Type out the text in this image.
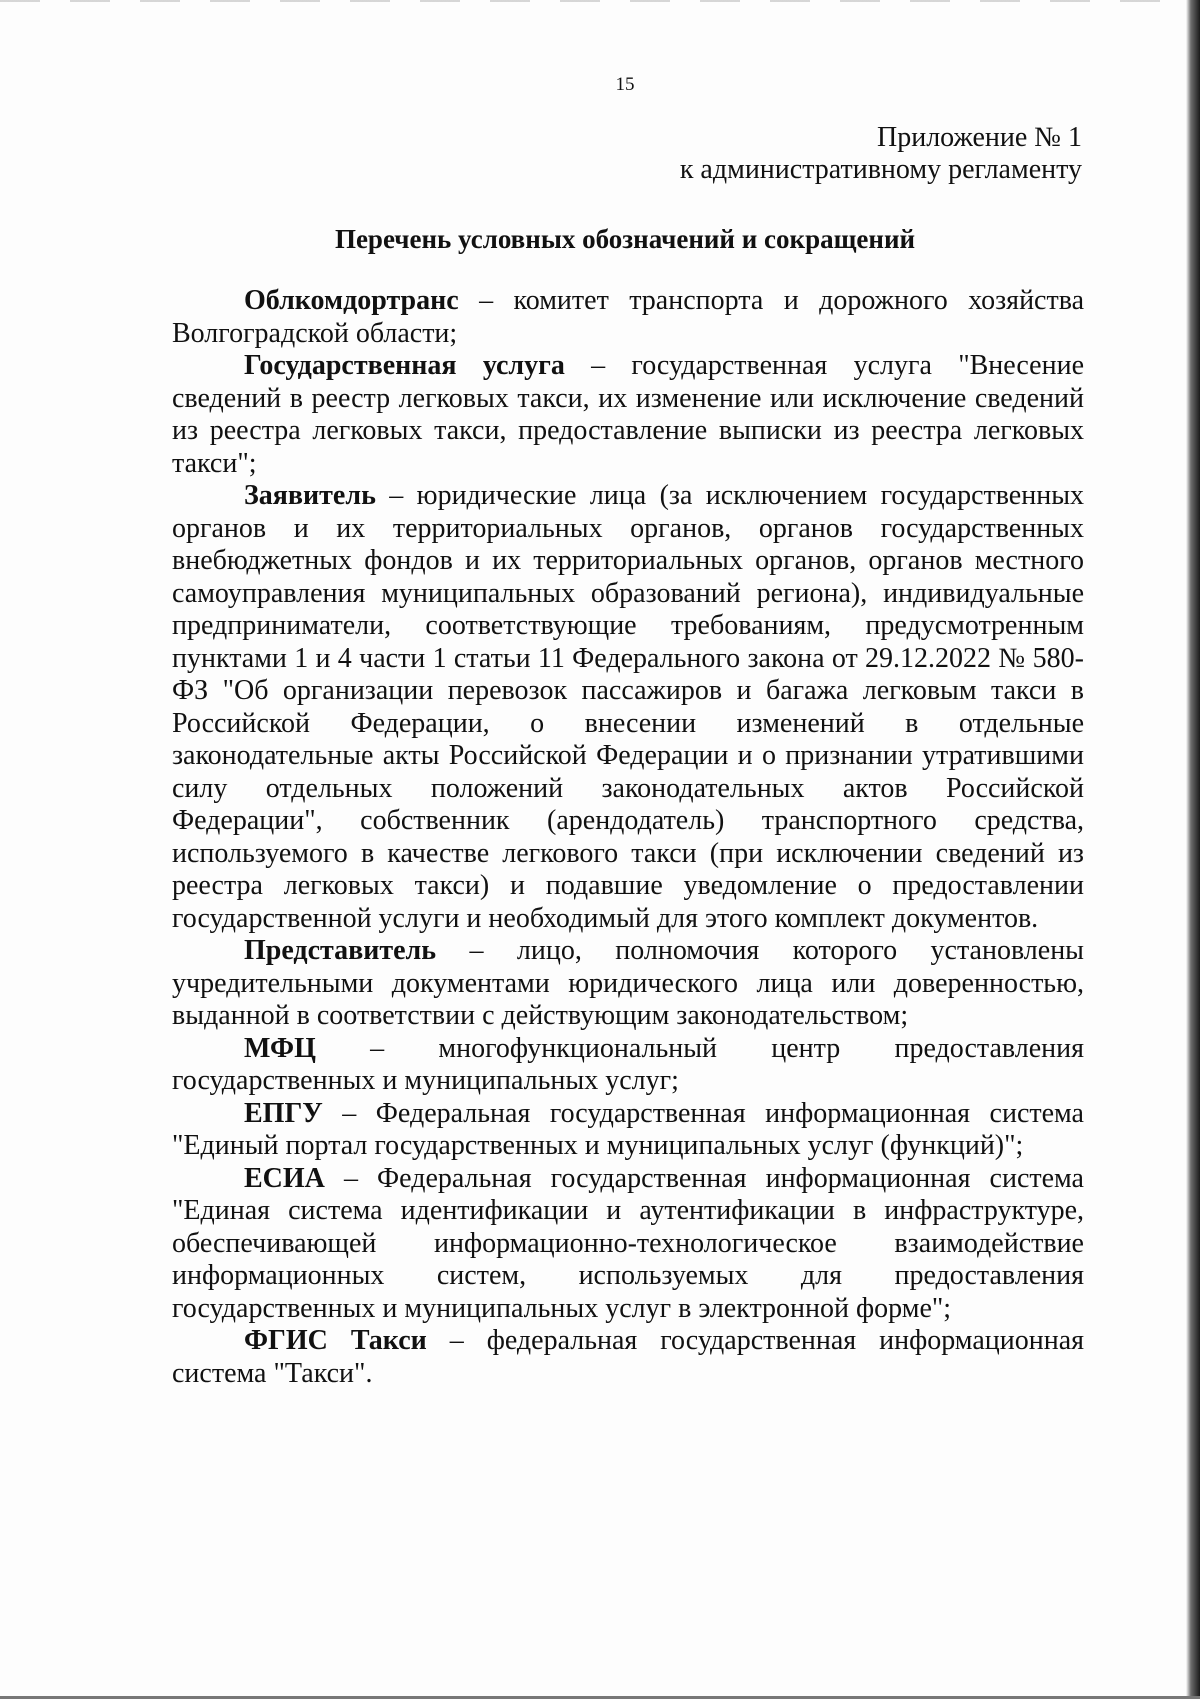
15
Приложение № 1
к административному регламенту
Перечень условных обозначений и сокращений

Облкомдортранс – комитет транспорта и дорожного хозяйства Волгоградской области;

Государственная услуга – государственная услуга "Внесение сведений в реестр легковых такси, их изменение или исключение сведений из реестра легковых такси, предоставление выписки из реестра легковых такси";

Заявитель – юридические лица (за исключением государственных органов и их территориальных органов, органов государственных внебюджетных фондов и их территориальных органов, органов местного самоуправления муниципальных образований региона), индивидуальные предприниматели, соответствующие требованиям, предусмотренным пунктами 1 и 4 части 1 статьи 11 Федерального закона от 29.12.2022 № 580-ФЗ "Об организации перевозок пассажиров и багажа легковым такси в Российской Федерации, о внесении изменений в отдельные законодательные акты Российской Федерации и о признании утратившими силу отдельных положений законодательных актов Российской Федерации", собственник (арендодатель) транспортного средства, используемого в качестве легкового такси (при исключении сведений из реестра легковых такси) и подавшие уведомление о предоставлении государственной услуги и необходимый для этого комплект документов.

Представитель – лицо, полномочия которого установлены учредительными документами юридического лица или доверенностью, выданной в соответствии с действующим законодательством;

МФЦ – многофункциональный центр предоставления государственных и муниципальных услуг;

ЕПГУ – Федеральная государственная информационная система "Единый портал государственных и муниципальных услуг (функций)";

ЕСИА – Федеральная государственная информационная система "Единая система идентификации и аутентификации в инфраструктуре, обеспечивающей информационно-технологическое взаимодействие информационных систем, используемых для предоставления государственных и муниципальных услуг в электронной форме";

ФГИС Такси – федеральная государственная информационная система "Такси".
